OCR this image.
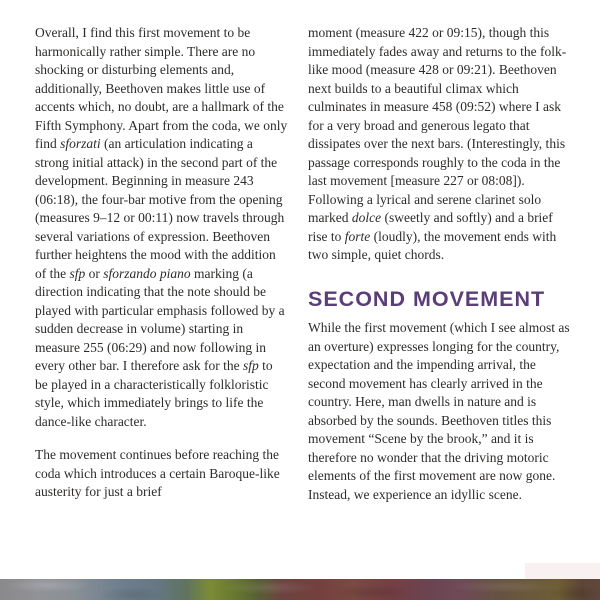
Overall, I find this first movement to be harmonically rather simple. There are no shocking or disturbing elements and, additionally, Beethoven makes little use of accents which, no doubt, are a hallmark of the Fifth Symphony. Apart from the coda, we only find sforzati (an articulation indicating a strong initial attack) in the second part of the development. Beginning in measure 243 (06:18), the four-bar motive from the opening (measures 9–12 or 00:11) now travels through several variations of expression. Beethoven further heightens the mood with the addition of the sfp or sforzando piano marking (a direction indicating that the note should be played with particular emphasis followed by a sudden decrease in volume) starting in measure 255 (06:29) and now following in every other bar. I therefore ask for the sfp to be played in a characteristically folkloristic style, which immediately brings to life the dance-like character.

The movement continues before reaching the coda which introduces a certain Baroque-like austerity for just a brief

moment (measure 422 or 09:15), though this immediately fades away and returns to the folk-like mood (measure 428 or 09:21). Beethoven next builds to a beautiful climax which culminates in measure 458 (09:52) where I ask for a very broad and generous legato that dissipates over the next bars. (Interestingly, this passage corresponds roughly to the coda in the last movement [measure 227 or 08:08]). Following a lyrical and serene clarinet solo marked dolce (sweetly and softly) and a brief rise to forte (loudly), the movement ends with two simple, quiet chords.

SECOND MOVEMENT

While the first movement (which I see almost as an overture) expresses longing for the country, expectation and the impending arrival, the second movement has clearly arrived in the country. Here, man dwells in nature and is absorbed by the sounds. Beethoven titles this movement “Scene by the brook,” and it is therefore no wonder that the driving motoric elements of the first movement are now gone. Instead, we experience an idyllic scene.
